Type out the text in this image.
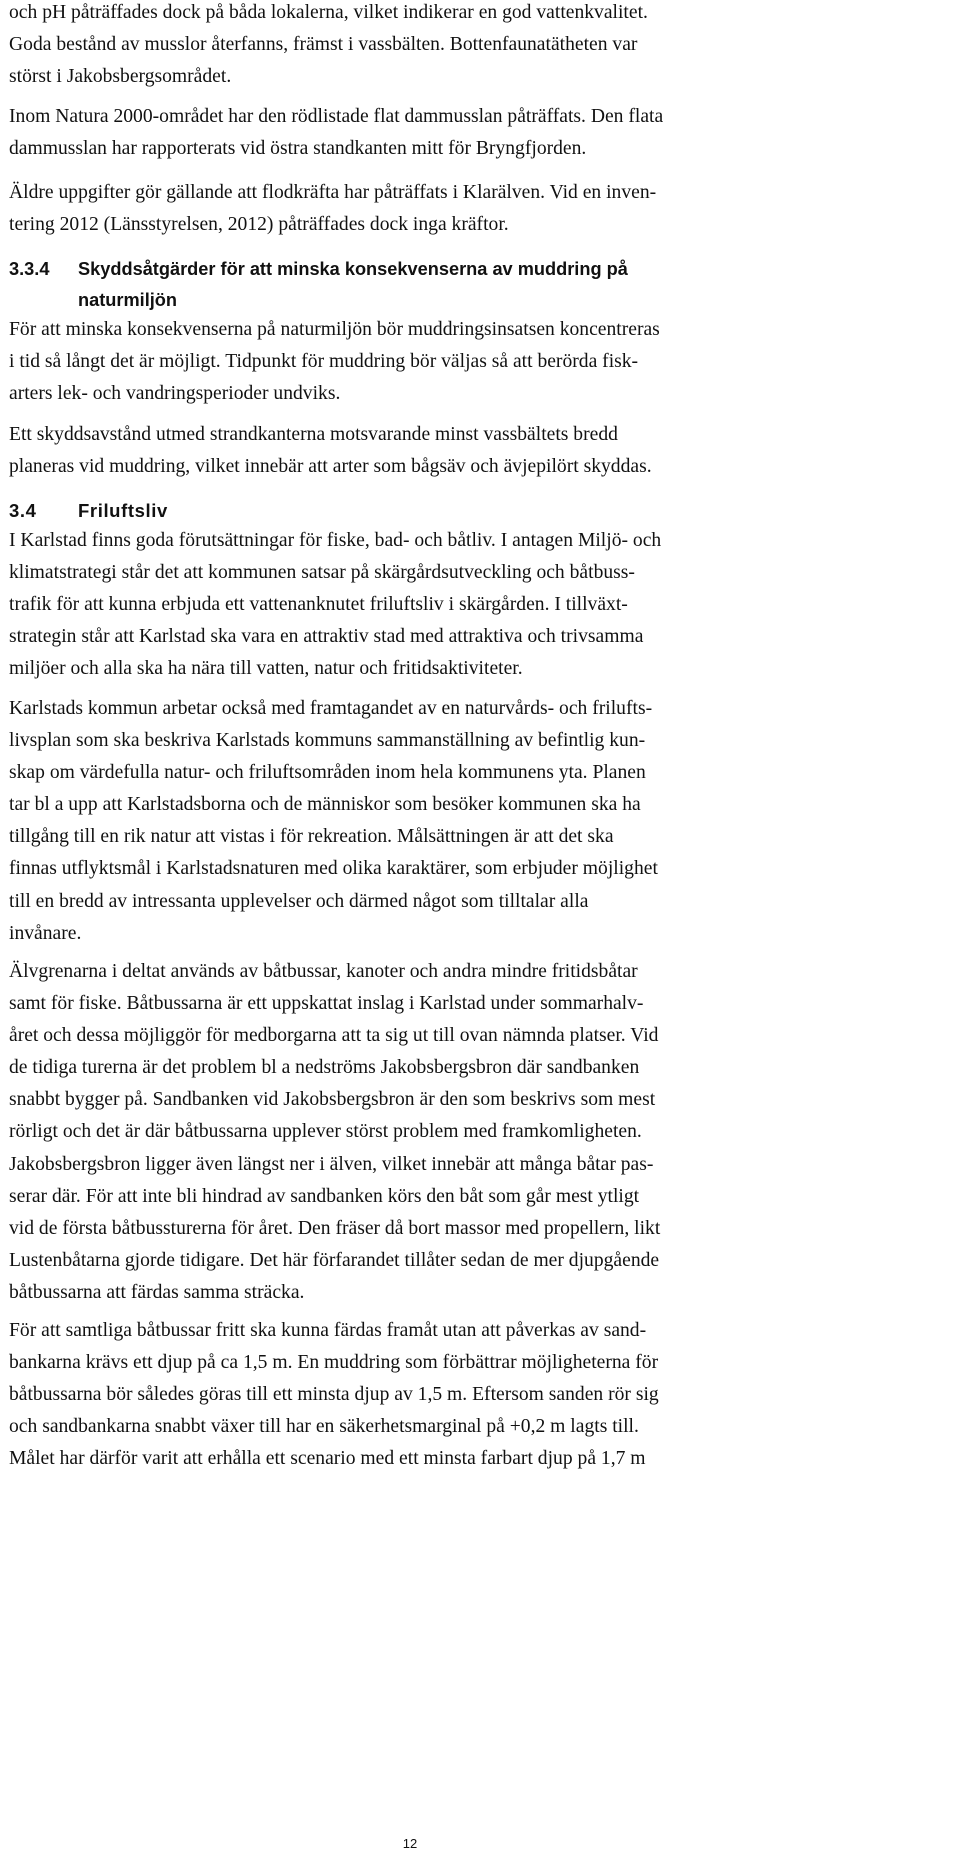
och pH påträffades dock på båda lokalerna, vilket indikerar en god vattenkvalitet.
Goda bestånd av musslor återfanns, främst i vassbälten. Bottenfaunatätheten var
störst i Jakobsbergsområdet.
Inom Natura 2000-området har den rödlistade flat dammusslan påträffats. Den flata
dammusslan har rapporterats vid östra standkanten mitt för Bryngfjorden.
Äldre uppgifter gör gällande att flodkräfta har påträffats i Klarälven. Vid en inven-
tering 2012 (Länsstyrelsen, 2012) påträffades dock inga kräftor.
3.3.4 Skyddsåtgärder för att minska konsekvenserna av muddring på
naturmiljön
För att minska konsekvenserna på naturmiljön bör muddringsinsatsen koncentreras
i tid så långt det är möjligt. Tidpunkt för muddring bör väljas så att berörda fisk-
arters lek- och vandringsperioder undviks.
Ett skyddsavstånd utmed strandkanterna motsvarande minst vassbältets bredd
planeras vid muddring, vilket innebär att arter som bågsäv och ävjepilört skyddas.
3.4 Friluftsliv
I Karlstad finns goda förutsättningar för fiske, bad- och båtliv. I antagen Miljö- och
klimatstrategi står det att kommunen satsar på skärgårdsutveckling och båtbuss-
trafik för att kunna erbjuda ett vattenanknutet friluftsliv i skärgården. I tillväxt-
strategin står att Karlstad ska vara en attraktiv stad med attraktiva och trivsamma
miljöer och alla ska ha nära till vatten, natur och fritidsaktiviteter.
Karlstads kommun arbetar också med framtagandet av en naturvårds- och frilufts-
livsplan som ska beskriva Karlstads kommuns sammanställning av befintlig kun-
skap om värdefulla natur- och friluftsområden inom hela kommunens yta. Planen
tar bl a upp att Karlstadsborna och de människor som besöker kommunen ska ha
tillgång till en rik natur att vistas i för rekreation. Målsättningen är att det ska
finnas utflyktsmål i Karlstadsnaturen med olika karaktärer, som erbjuder möjlighet
till en bredd av intressanta upplevelser och därmed något som tilltalar alla
invånare.
Älvgrenarna i deltat används av båtbussar, kanoter och andra mindre fritidsbåtar
samt för fiske. Båtbussarna är ett uppskattat inslag i Karlstad under sommarhalv-
året och dessa möjliggör för medborgarna att ta sig ut till ovan nämnda platser. Vid
de tidiga turerna är det problem bl a nedströms Jakobsbergsbron där sandbanken
snabbt bygger på. Sandbanken vid Jakobsbergsbron är den som beskrivs som mest
rörligt och det är där båtbussarna upplever störst problem med framkomligheten.
Jakobsbergsbron ligger även längst ner i älven, vilket innebär att många båtar pas-
serar där. För att inte bli hindrad av sandbanken körs den båt som går mest ytligt
vid de första båtbussturerna för året. Den fräser då bort massor med propellern, likt
Lustenbåtarna gjorde tidigare. Det här förfarandet tillåter sedan de mer djupgående
båtbussarna att färdas samma sträcka.
För att samtliga båtbussar fritt ska kunna färdas framåt utan att påverkas av sand-
bankarna krävs ett djup på ca 1,5 m. En muddring som förbättrar möjligheterna för
båtbussarna bör således göras till ett minsta djup av 1,5 m. Eftersom sanden rör sig
och sandbankarna snabbt växer till har en säkerhetsmarginal på +0,2 m lagts till.
Målet har därför varit att erhålla ett scenario med ett minsta farbart djup på 1,7 m
12
